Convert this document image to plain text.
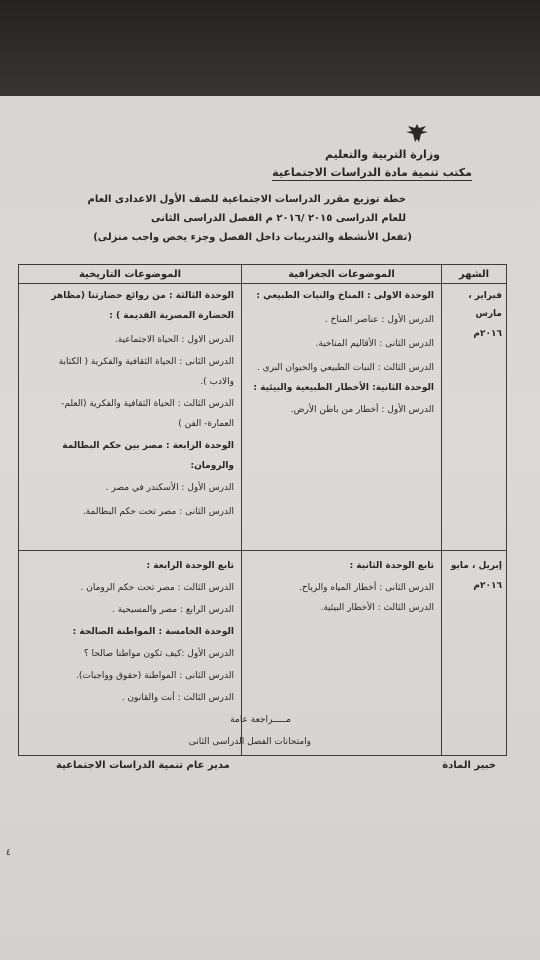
وزارة التربية والتعليم
مكتب تنمية مادة الدراسات الاجتماعية
خطة توزيع مقرر الدراسات الاجتماعية للصف الأول الاعدادى العام
للعام الدراسى ٢٠١٥ /٢٠١٦ م الفصل الدراسى الثانى
(تفعل الأنشطة والتدريبات داخل الفصل وجزء يخص واجب منزلى)
الشهر
الموضوعات الجغرافية
الموضوعات التاريخية
فبراير ،
مارس
٢٠١٦م
الوحدة الاولى : المناخ والنبات الطبيعي :
الدرس الأول : عناصر المناخ .
الدرس الثانى : الأقاليم المناخية.
الدرس الثالث : النبات الطبيعي والحيوان البري .
الوحدة الثانية: الأخطار الطبيعية والبيئية :
الدرس الأول : أخطار من باطن الأرض.
الوحدة الثالثة : من روائع حضارتنا (مظاهر
الحضارة المصرية القديمة ) :
الدرس الاول : الحياة الاجتماعية.
الدرس الثانى : الحياة الثقافية والفكرية ( الكتابة
والادب ).
الدرس الثالث : الحياة الثقافية والفكرية (العلم-
العمارة- الفن )
الوحدة الرابعة : مصر بين حكم البطالمة
والرومان:
الدرس الأول : الأسكندر في مصر .
الدرس الثانى : مصر تحت حكم البطالمة.
إبريل ، مايو
٢٠١٦م
تابع الوحدة الثانية :
الدرس الثانى : أخطار المياه والرياح.
الدرس الثالث : الأخطار البيئية.
تابع الوحدة الرابعة :
الدرس الثالث : مصر تحت حكم الرومان .
الدرس الرابع : مصر والمسيحية .
الوحدة الخامسة : المواطنة الصالحة :
الدرس الأول :كيف تكون مواطنا صالحا ؟
الدرس الثانى : المواطنة (حقوق وواجبات).
الدرس الثالث : أنت والقانون .
مـــــراجعة عامة
وامتحانات الفصل الدراسى الثانى
مدير عام تنمية الدراسات الاجتماعية	خبير المادة
٤
